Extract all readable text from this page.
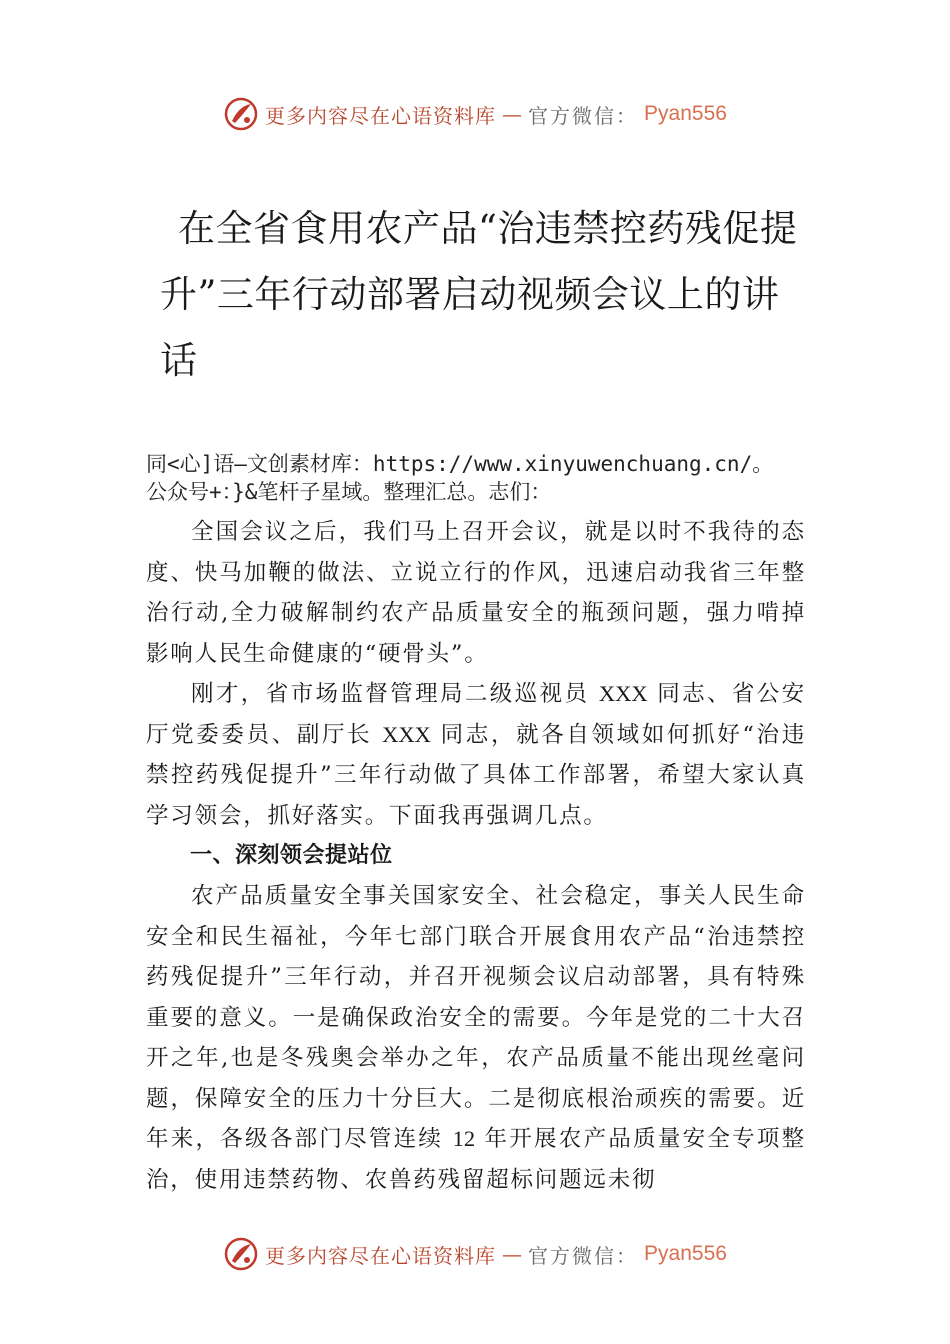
更多内容尽在心语资料库 — 官方微信： Pyan556
在全省食用农产品“治违禁控药残促提
升”三年行动部署启动视频会议上的讲
话
同<心]语—文创素材库：https://www.xinyuwenchuang.cn/。
公众号+：}&笔杆子星域。整理汇总。志们：

全国会议之后，我们马上召开会议，就是以时不我待的态度、快马加鞭的做法、立说立行的作风，迅速启动我省三年整治行动,全力破解制约农产品质量安全的瓶颈问题，强力啃掉影响人民生命健康的“硬骨头”。

刚才，省市场监督管理局二级巡视员 XXX 同志、省公安厅党委委员、副厅长 XXX 同志，就各自领域如何抓好“治违禁控药残促提升”三年行动做了具体工作部署，希望大家认真学习领会，抓好落实。下面我再强调几点。

一、深刻领会提站位

农产品质量安全事关国家安全、社会稳定，事关人民生命安全和民生福祉，今年七部门联合开展食用农产品“治违禁控药残促提升”三年行动，并召开视频会议启动部署，具有特殊重要的意义。一是确保政治安全的需要。今年是党的二十大召开之年,也是冬残奥会举办之年，农产品质量不能出现丝毫问题，保障安全的压力十分巨大。二是彻底根治顽疾的需要。近年来，各级各部门尽管连续 12 年开展农产品质量安全专项整治，使用违禁药物、农兽药残留超标问题远未彻

更多内容尽在心语资料库 — 官方微信： Pyan556
